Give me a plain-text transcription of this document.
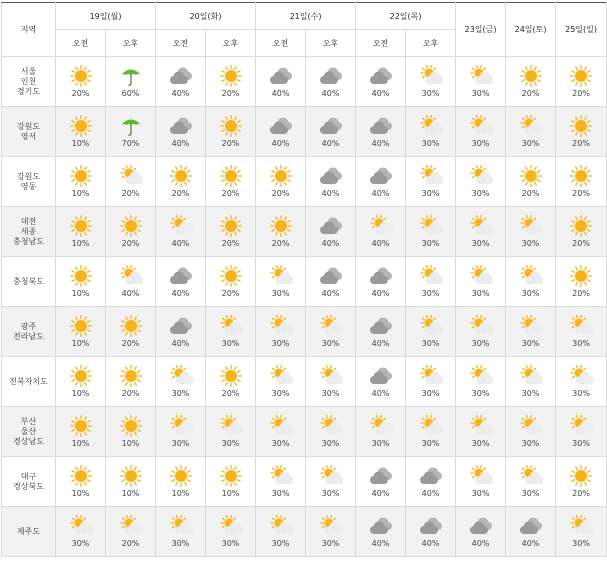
지역	19일(월)		20일(화)		21일(수)		22일(목)		23일(금)	24일(토)	25일(일)
	오전	오후	오전	오후	오전	오후	오전	오후			

서울
인천
경기도	20%	60%	40%	20%	40%	40%	40%	30%	30%	20%	20%

강원도
영서	10%	70%	40%	20%	40%	40%	40%	30%	30%	30%	20%

강원도
영동	10%	20%	20%	20%	20%	40%	40%	30%	30%	20%	20%

대전
세종
충청남도	10%	20%	40%	20%	20%	40%	40%	30%	30%	30%	20%

충청북도	10%	40%	40%	20%	30%	40%	40%	30%	30%	30%	20%

광주
전라남도	10%	20%	40%	30%	30%	30%	40%	30%	30%	30%	30%

전북자치도	10%	20%	30%	20%	30%	30%	40%	30%	30%	30%	30%

부산
울산
경상남도	10%	10%	30%	30%	30%	30%	30%	30%	30%	30%	30%

대구
경상북도	10%	10%	10%	10%	30%	30%	40%	40%	30%	30%	20%

제주도	30%	20%	30%	30%	30%	30%	40%	40%	40%	40%	30%
